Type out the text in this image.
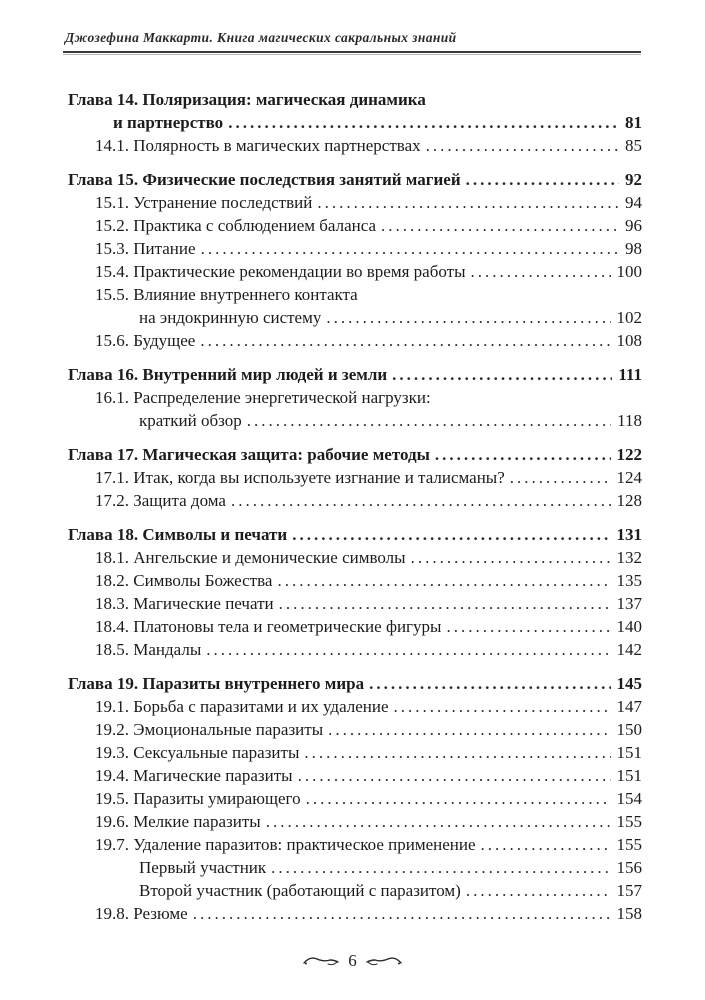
Джозефина Маккарти. Книга магических сакральных знаний
Глава 14. Поляризация: магическая динамика
и партнерство .....	81
14.1. Полярность в магических партнерствах .....	85
Глава 15. Физические последствия занятий магией .....	92
15.1. Устранение последствий .....	94
15.2. Практика с соблюдением баланса .....	96
15.3. Питание .....	98
15.4. Практические рекомендации во время работы .....	100
15.5. Влияние внутреннего контакта
на эндокринную систему .....	102
15.6. Будущее .....	108
Глава 16. Внутренний мир людей и земли .....	111
16.1. Распределение энергетической нагрузки:
краткий обзор .....	118
Глава 17. Магическая защита: рабочие методы .....	122
17.1. Итак, когда вы используете изгнание и талисманы? .....	124
17.2. Защита дома .....	128
Глава 18. Символы и печати .....	131
18.1. Ангельские и демонические символы .....	132
18.2. Символы Божества .....	135
18.3. Магические печати .....	137
18.4. Платоновы тела и геометрические фигуры .....	140
18.5. Мандалы .....	142
Глава 19. Паразиты внутреннего мира .....	145
19.1. Борьба с паразитами и их удаление .....	147
19.2. Эмоциональные паразиты .....	150
19.3. Сексуальные паразиты .....	151
19.4. Магические паразиты .....	151
19.5. Паразиты умирающего .....	154
19.6. Мелкие паразиты .....	155
19.7. Удаление паразитов: практическое применение .....	155
Первый участник .....	156
Второй участник (работающий с паразитом) .....	157
19.8. Резюме .....	158
6
